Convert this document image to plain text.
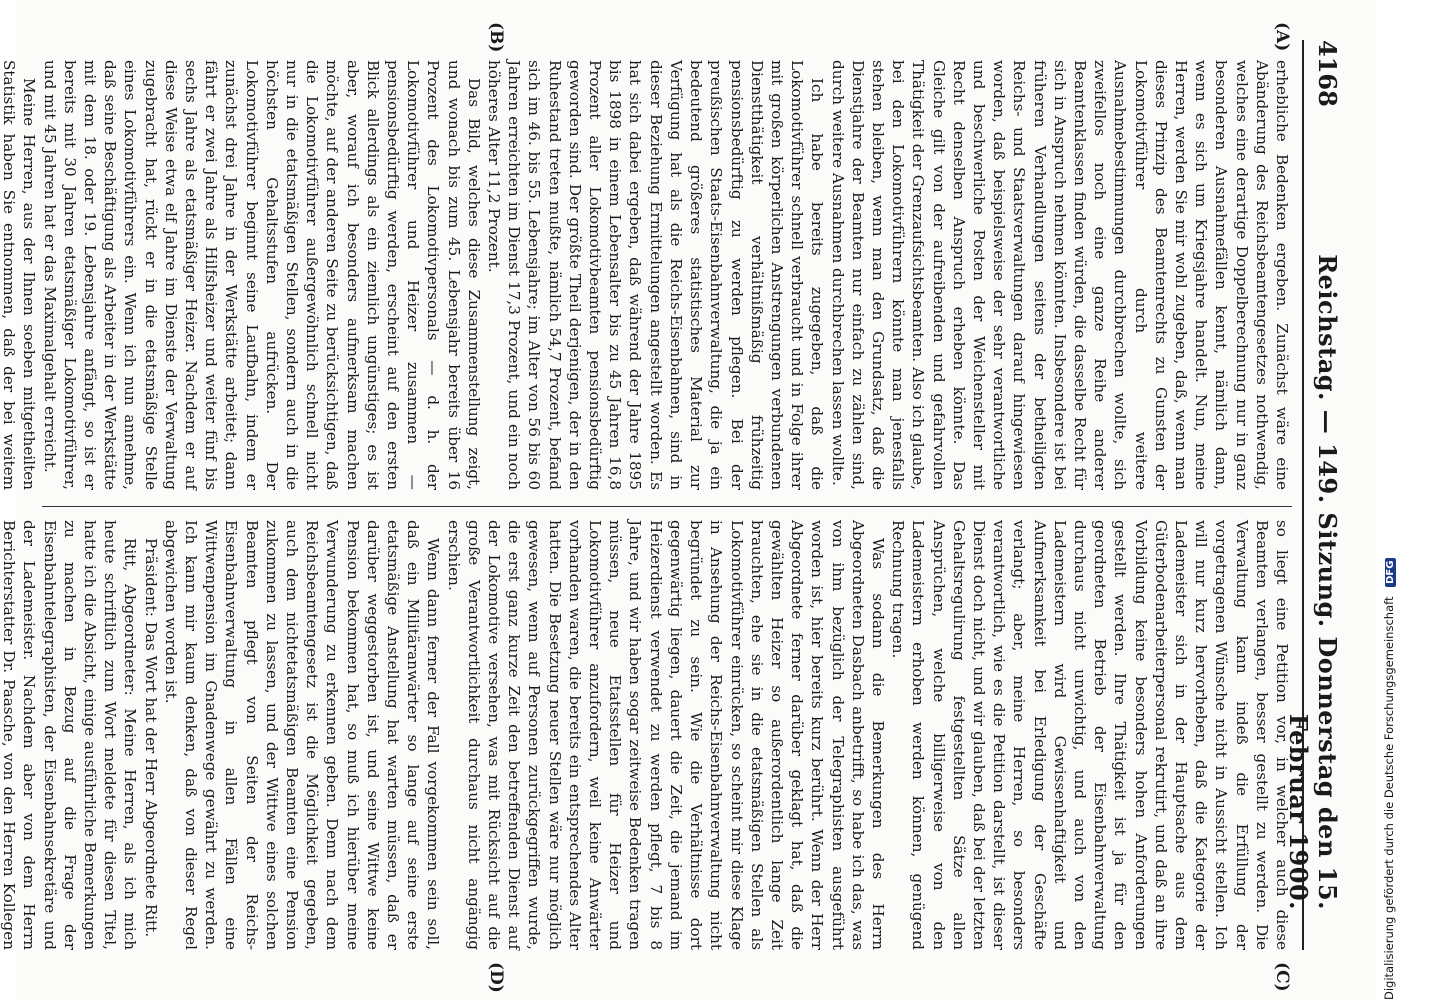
4168
Reichstag. — 149. Sitzung. Donnerstag den 15. Februar 1900.
(A)
(B)
(C)
(D)

erhebliche Bedenken ergeben. Zunächst wäre eine Abänderung des Reichsbeamtengesetzes nothwendig, welches eine derartige Doppelberechnung nur in ganz besonderen Ausnahmefällen kennt, nämlich dann, wenn es sich um Kriegsjahre handelt. Nun, meine Herren, werden Sie mir wohl zugeben, daß, wenn man dieses Prinzip des Beamtenrechts zu Gunsten der Lokomotivführer durch weitere Ausnahmebestimmungen durchbrechen wollte, sich zweifellos noch eine ganze Reihe anderer Beamtenklassen finden würden, die dasselbe Recht für sich in Anspruch nehmen könnten. Insbesondere ist bei früheren Verhandlungen seitens der betheiligten Reichs- und Staatsverwaltungen darauf hingewiesen worden, daß beispielsweise der sehr verantwortliche und beschwerliche Posten der Weichensteller mit Recht denselben Anspruch erheben könnte. Das Gleiche gilt von der aufreibenden und gefahrvollen Thätigkeit der Grenzaufsichtsbeamten. Also ich glaube, bei den Lokomotivführern könnte man jenesfalls stehen bleiben, wenn man den Grundsatz, daß die Dienstjahre der Beamten nur einfach zu zählen sind, durch weitere Ausnahmen durchbrechen lassen wollte.

Ich habe bereits zugegeben, daß die Lokomotivführer schnell verbraucht und in Folge ihrer mit großen körperlichen Anstrengungen verbundenen Dienstthätigkeit verhältnißmäßig frühzeitig pensionsbedürftig zu werden pflegen. Bei der preußischen Staats-Eisenbahnverwaltung, die ja ein bedeutend größeres statistisches Material zur Verfügung hat als die Reichs-Eisenbahnen, sind in dieser Beziehung Ermittelungen angestellt worden. Es hat sich dabei ergeben, daß während der Jahre 1895 bis 1898 in einem Lebensalter bis zu 45 Jahren 16,8 Prozent aller Lokomotivbeamten pensionsbedürftig geworden sind. Der größte Theil derjenigen, der in den Ruhestand treten mußte, nämlich 54,7 Prozent, befand sich im 46. bis 55. Lebensjahre; im Alter von 56 bis 60 Jahren erreichten im Dienst 17,3 Prozent, und ein noch höheres Alter 11,2 Prozent.

Das Bild, welches diese Zusammenstellung zeigt, und wonach bis zum 45. Lebensjahr bereits über 16 Prozent des Lokomotivpersonals — d. h. der Lokomotivführer und Heizer zusammen — pensionsbedürftig werden, erscheint auf den ersten Blick allerdings als ein ziemlich ungünstiges; es ist aber, worauf ich besonders aufmerksam machen möchte, auf der anderen Seite zu berücksichtigen, daß die Lokomotivführer außergewöhnlich schnell nicht nur in die etatsmäßigen Stellen, sondern auch in die höchsten Gehaltsstufen aufrücken. Der Lokomotivführer beginnt seine Laufbahn, indem er zunächst drei Jahre in der Werkstätte arbeitet; dann fährt er zwei Jahre als Hilfsheizer und weiter fünf bis sechs Jahre als etatsmäßiger Heizer. Nachdem er auf diese Weise etwa elf Jahre im Dienste der Verwaltung zugebracht hat, rückt er in die etatsmäßige Stelle eines Lokomotivführers ein. Wenn ich nun annehme, daß seine Beschäftigung als Arbeiter in der Werkstätte mit dem 18. oder 19. Lebensjahre anfängt, so ist er bereits mit 30 Jahren etatsmäßiger Lokomotivführer, und mit 45 Jahren hat er das Maximalgehalt erreicht.

Meine Herren, aus der Ihnen soeben mitgetheilten Statistik haben Sie entnommen, daß der bei weitem

so liegt eine Petition vor, in welcher auch diese Beamten verlangen, besser gestellt zu werden. Die Verwaltung kann indeß die Erfüllung der vorgetragenen Wünsche nicht in Aussicht stellen. Ich will nur kurz hervorheben, daß die Kategorie der Lademeister sich in der Hauptsache aus dem Güterbodenarbeiterpersonal rekrutirt, und daß an ihre Vorbildung keine besonders hohen Anforderungen gestellt werden. Ihre Thätigkeit ist ja für den geordneten Betrieb der Eisenbahnverwaltung durchaus nicht unwichtig, und auch von den Lademeistern wird Gewissenhaftigkeit und Aufmerksamkeit bei Erledigung der Geschäfte verlangt; aber, meine Herren, so besonders verantwortlich, wie es die Petition darstellt, ist dieser Dienst doch nicht, und wir glauben, daß bei der letzten Gehaltsregulirung festgestellten Sätze allen Ansprüchen, welche billigerweise von den Lademeistern erhoben werden können, genügend Rechnung tragen.

Was sodann die Bemerkungen des Herrn Abgeordneten Dasbach anbetrifft, so habe ich das, was von ihm bezüglich der Telegraphisten ausgeführt worden ist, hier bereits kurz berührt. Wenn der Herr Abgeordnete ferner darüber geklagt hat, daß die gewählten Heizer so außerordentlich lange Zeit brauchten, ehe sie in die etatsmäßigen Stellen als Lokomotivführer einrücken, so scheint mir diese Klage in Ansehung der Reichs-Eisenbahnverwaltung nicht begründet zu sein. Wie die Verhältnisse dort gegenwärtig liegen, dauert die Zeit, die jemand im Heizerdienst verwendet zu werden pflegt, 7 bis 8 Jahre, und wir haben sogar zeitweise Bedenken tragen müssen, neue Etatsstellen für Heizer und Lokomotivführer anzufordern, weil keine Anwärter vorhanden waren, die bereits ein entsprechendes Alter hatten. Die Besetzung neuer Stellen wäre nur möglich gewesen, wenn auf Personen zurückgegriffen wurde, die erst ganz kurze Zeit den betreffenden Dienst auf der Lokomotive versehen, was mit Rücksicht auf die große Verantwortlichkeit durchaus nicht angängig erschien.

Wenn dann ferner der Fall vorgekommen sein soll, daß ein Militäranwärter so lange auf seine erste etatsmäßige Anstellung hat warten müssen, daß er darüber weggestorben ist, und seine Wittwe keine Pension bekommen hat, so muß ich hierüber meine Verwunderung zu erkennen geben. Denn nach dem Reichsbeamtengesetz ist die Möglichkeit gegeben, auch dem nichtetatsmäßigen Beamten eine Pension zukommen zu lassen, und der Wittwe eines solchen Beamten pflegt von Seiten der Reichs-Eisenbahnverwaltung in allen Fällen eine Wittwenpension im Gnadenwege gewährt zu werden. Ich kann mir kaum denken, daß von dieser Regel abgewichen worden ist.

Präsident: Das Wort hat der Herr Abgeordnete Ritt.

Ritt, Abgeordneter: Meine Herren, als ich mich heute schriftlich zum Wort meldete für diesen Titel, hatte ich die Absicht, einige ausführliche Bemerkungen zu machen in Bezug auf die Frage der Eisenbahntelegraphisten, der Eisenbahnsekretäre und der Lademeister. Nachdem aber von dem Herrn Berichterstatter Dr. Paasche, von den Herren Kollegen	Digitalisierung gefördert durch die Deutsche Forschungsgemeinschaft DFG
